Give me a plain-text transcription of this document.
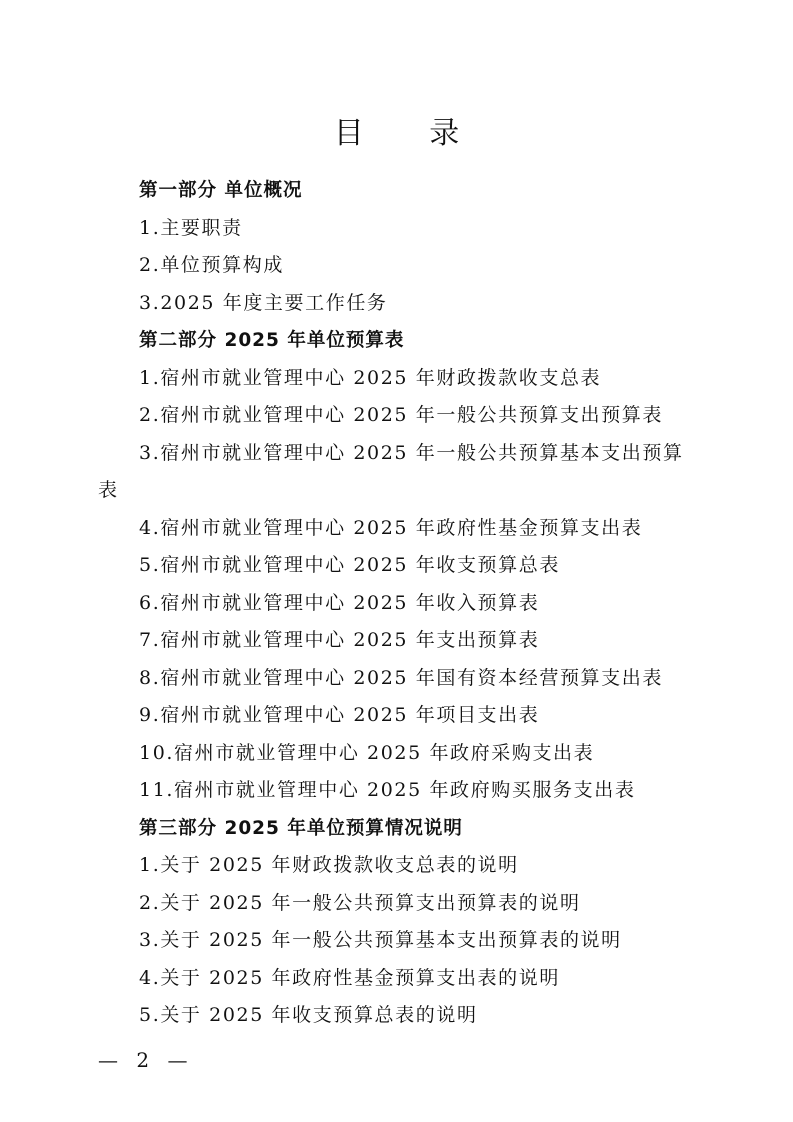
目 录
第一部分 单位概况
1.主要职责
2.单位预算构成
3.2025 年度主要工作任务
第二部分 2025 年单位预算表
1.宿州市就业管理中心 2025 年财政拨款收支总表
2.宿州市就业管理中心 2025 年一般公共预算支出预算表
3.宿州市就业管理中心 2025 年一般公共预算基本支出预算
表
4.宿州市就业管理中心 2025 年政府性基金预算支出表
5.宿州市就业管理中心 2025 年收支预算总表
6.宿州市就业管理中心 2025 年收入预算表
7.宿州市就业管理中心 2025 年支出预算表
8.宿州市就业管理中心 2025 年国有资本经营预算支出表
9.宿州市就业管理中心 2025 年项目支出表
10.宿州市就业管理中心 2025 年政府采购支出表
11.宿州市就业管理中心 2025 年政府购买服务支出表
第三部分 2025 年单位预算情况说明
1.关于 2025 年财政拨款收支总表的说明
2.关于 2025 年一般公共预算支出预算表的说明
3.关于 2025 年一般公共预算基本支出预算表的说明
4.关于 2025 年政府性基金预算支出表的说明
5.关于 2025 年收支预算总表的说明
— 2 —
